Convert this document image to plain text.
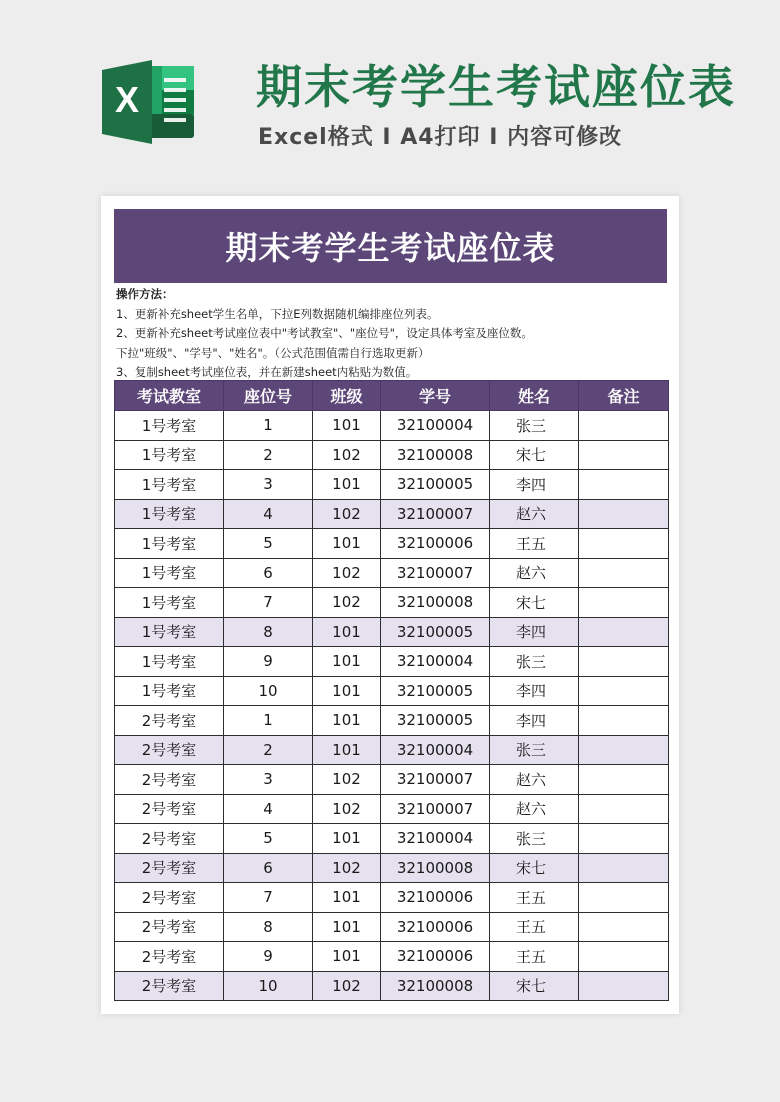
X	期末考学生考试座位表
Excel格式 I A4打印 I 内容可修改
期末考学生考试座位表
操作方法：
1、更新补充sheet学生名单，下拉E列数据随机编排座位列表。
2、更新补充sheet考试座位表中"考试教室"、"座位号"，设定具体考室及座位数。
下拉"班级"、"学号"、"姓名"。（公式范围值需自行选取更新）
3、复制sheet考试座位表，并在新建sheet内粘贴为数值。
考试教室	座位号	班级	学号	姓名	备注
1号考室	1	101	32100004	张三	
1号考室	2	102	32100008	宋七	
1号考室	3	101	32100005	李四	
1号考室	4	102	32100007	赵六	
1号考室	5	101	32100006	王五	
1号考室	6	102	32100007	赵六	
1号考室	7	102	32100008	宋七	
1号考室	8	101	32100005	李四	
1号考室	9	101	32100004	张三	
1号考室	10	101	32100005	李四	
2号考室	1	101	32100005	李四	
2号考室	2	101	32100004	张三	
2号考室	3	102	32100007	赵六	
2号考室	4	102	32100007	赵六	
2号考室	5	101	32100004	张三	
2号考室	6	102	32100008	宋七	
2号考室	7	101	32100006	王五	
2号考室	8	101	32100006	王五	
2号考室	9	101	32100006	王五	
2号考室	10	102	32100008	宋七	
